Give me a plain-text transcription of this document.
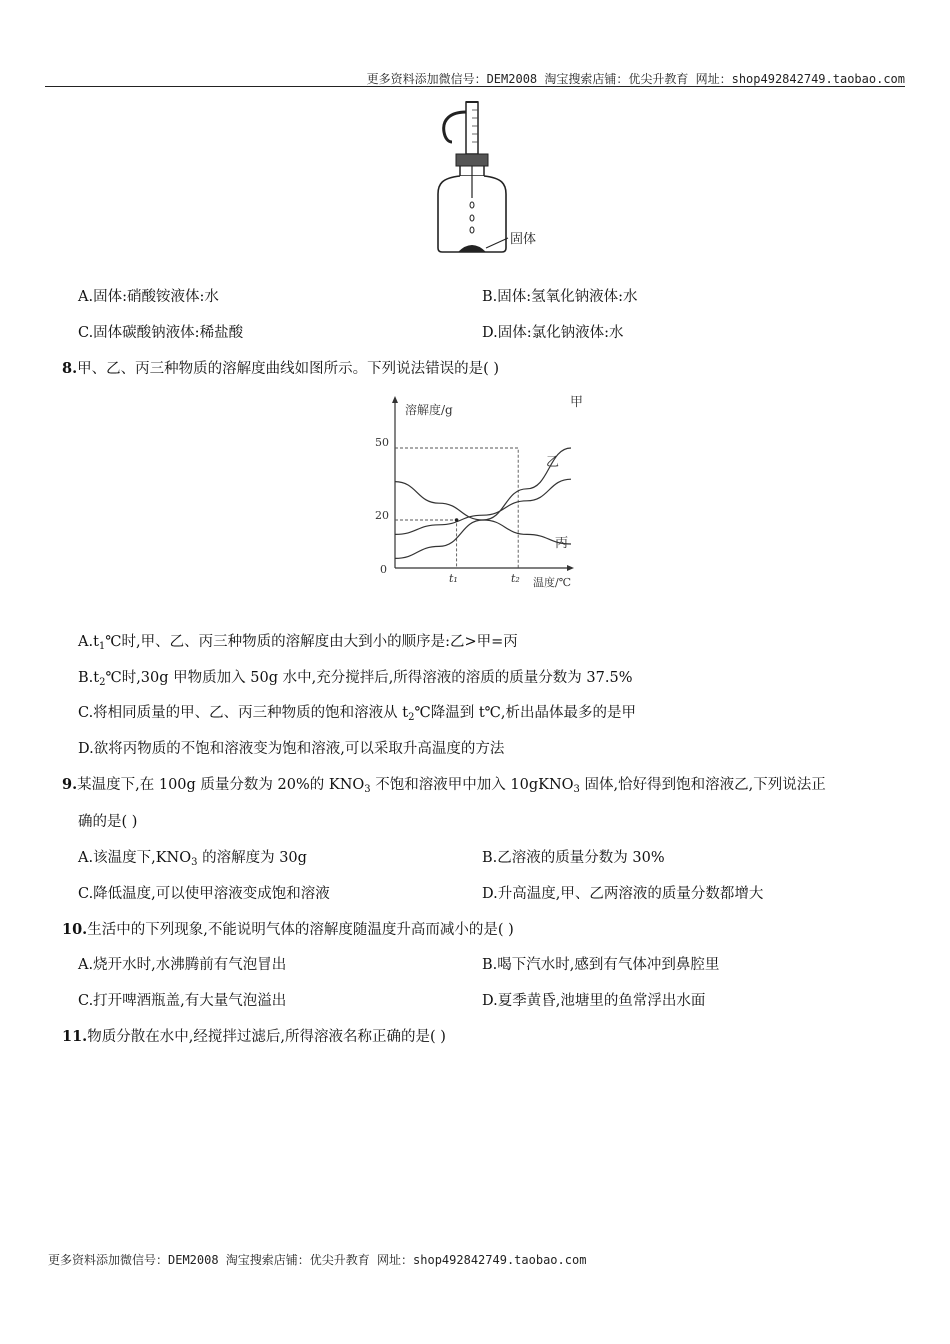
更多资料添加微信号：DEM2008 淘宝搜索店铺：优尖升教育 网址：shop492842749.taobao.com
固体
A.固体:硝酸铵液体:水	B.固体:氢氧化钠液体:水
C.固体碳酸钠液体:稀盐酸	D.固体:氯化钠液体:水
8.甲、乙、丙三种物质的溶解度曲线如图所示。下列说法错误的是( )
溶解度/g
温度/℃
0
20
50
t₁	t₂
甲
乙
丙
$A.t_1℃$时,甲、乙、丙三种物质的溶解度由大到小的顺序是:乙>甲=丙
$B.t_2℃$时,30g 甲物质加入 50g 水中,充分搅拌后,所得溶液的溶质的质量分数为 37.5%
C.将相同质量的甲、乙、丙三种物质的饱和溶液从 $t_2℃$降温到 t℃,析出晶体最多的是甲
D.欲将丙物质的不饱和溶液变为饱和溶液,可以采取升高温度的方法
9.某温度下,在 100g 质量分数为 20%的 $KNO_3$ 不饱和溶液甲中加入 10gKNO$_3$ 固体,恰好得到饱和溶液乙,下列说法正
确的是( )
A.该温度下$,KNO_3$ 的溶解度为 30g	B.乙溶液的质量分数为 30%
C.降低温度,可以使甲溶液变成饱和溶液	D.升高温度,甲、乙两溶液的质量分数都增大
10.生活中的下列现象,不能说明气体的溶解度随温度升高而减小的是( )
A.烧开水时,水沸腾前有气泡冒出	B.喝下汽水时,感到有气体冲到鼻腔里
C.打开啤酒瓶盖,有大量气泡溢出	D.夏季黄昏,池塘里的鱼常浮出水面
11.物质分散在水中,经搅拌过滤后,所得溶液名称正确的是( )
更多资料添加微信号：DEM2008 淘宝搜索店铺：优尖升教育 网址：shop492842749.taobao.com
